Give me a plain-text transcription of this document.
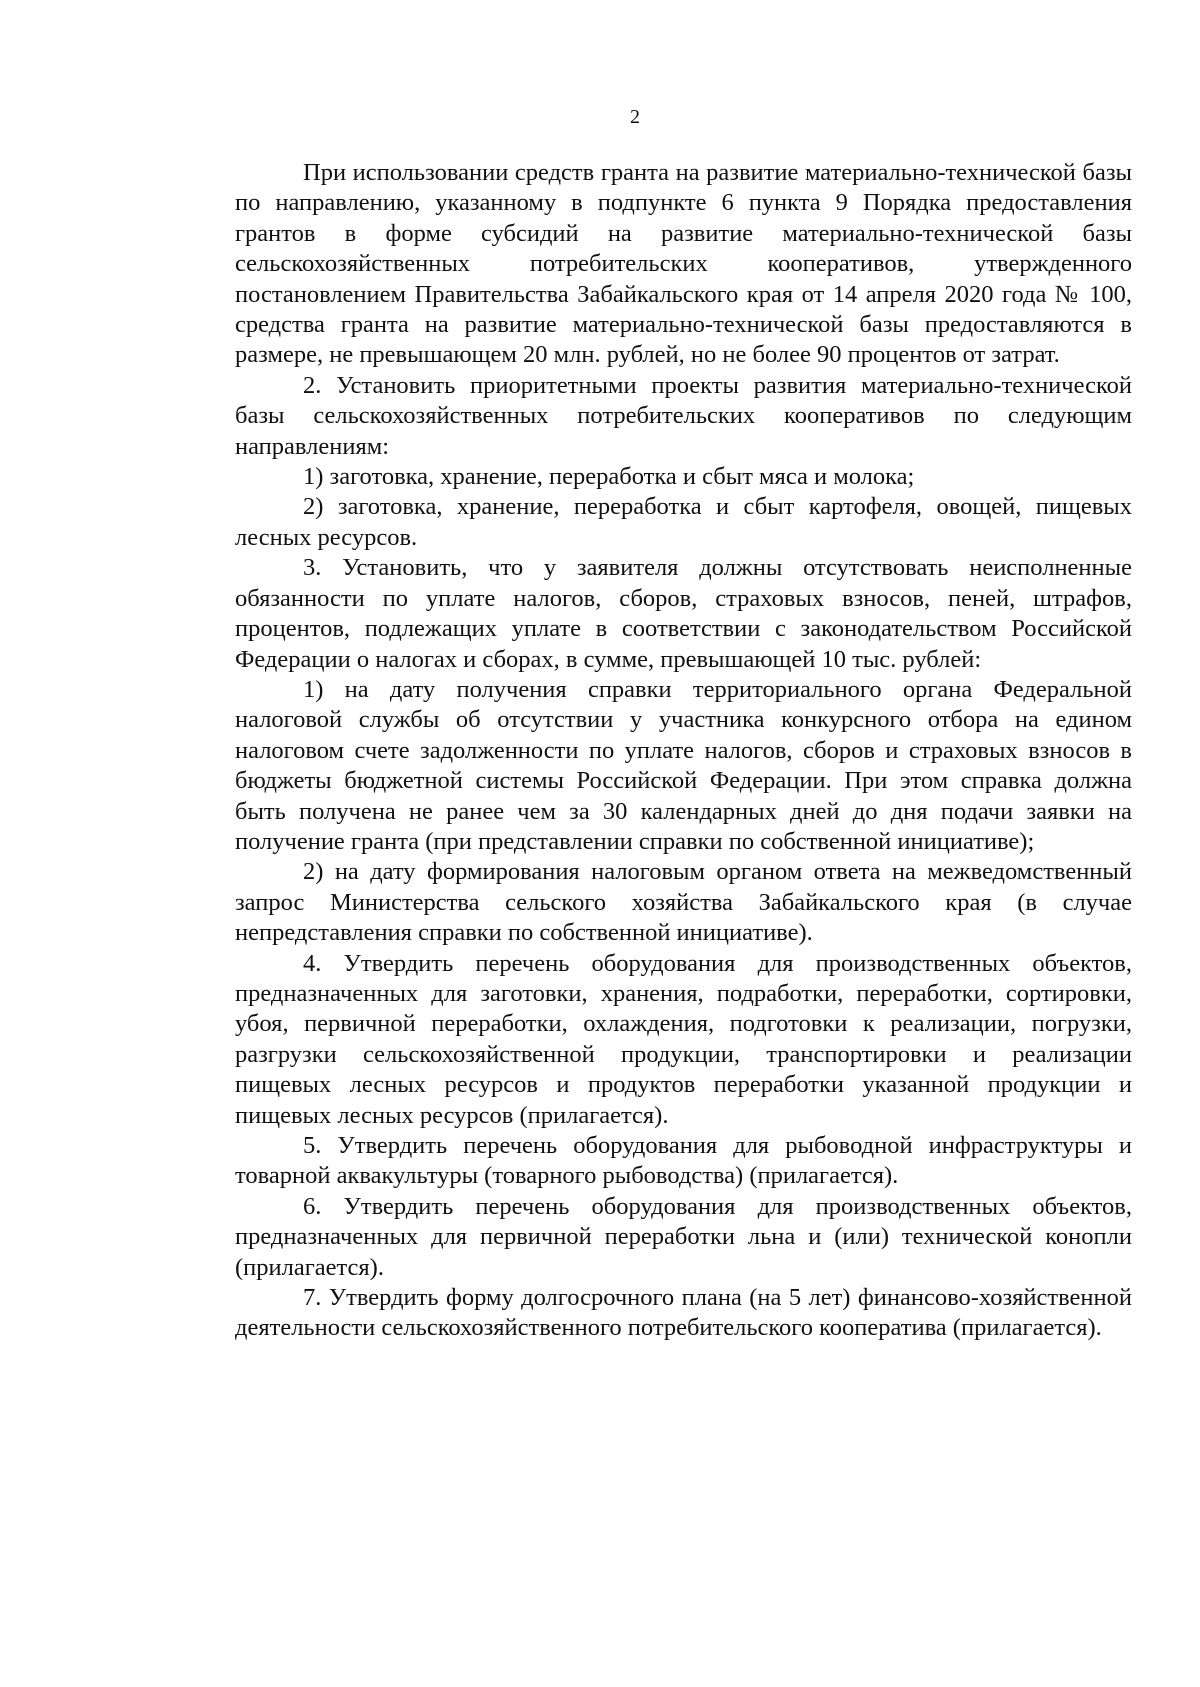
2

При использовании средств гранта на развитие материально-технической базы по направлению, указанному в подпункте 6 пункта 9 Порядка предоставления грантов в форме субсидий на развитие материально-технической базы сельскохозяйственных потребительских кооперативов, утвержденного постановлением Правительства Забайкальского края от 14 апреля 2020 года № 100, средства гранта на развитие материально-технической базы предоставляются в размере, не превышающем 20 млн. рублей, но не более 90 процентов от затрат.

2. Установить приоритетными проекты развития материально-технической базы сельскохозяйственных потребительских кооперативов по следующим направлениям:

1) заготовка, хранение, переработка и сбыт мяса и молока;

2) заготовка, хранение, переработка и сбыт картофеля, овощей, пищевых лесных ресурсов.

3. Установить, что у заявителя должны отсутствовать неисполненные обязанности по уплате налогов, сборов, страховых взносов, пеней, штрафов, процентов, подлежащих уплате в соответствии с законодательством Российской Федерации о налогах и сборах, в сумме, превышающей 10 тыс. рублей:

1) на дату получения справки территориального органа Федеральной налоговой службы об отсутствии у участника конкурсного отбора на едином налоговом счете задолженности по уплате налогов, сборов и страховых взносов в бюджеты бюджетной системы Российской Федерации. При этом справка должна быть получена не ранее чем за 30 календарных дней до дня подачи заявки на получение гранта (при представлении справки по собственной инициативе);

2) на дату формирования налоговым органом ответа на межведомственный запрос Министерства сельского хозяйства Забайкальского края (в случае непредставления справки по собственной инициативе).

4. Утвердить перечень оборудования для производственных объектов, предназначенных для заготовки, хранения, подработки, переработки, сортировки, убоя, первичной переработки, охлаждения, подготовки к реализации, погрузки, разгрузки сельскохозяйственной продукции, транспортировки и реализации пищевых лесных ресурсов и продуктов переработки указанной продукции и пищевых лесных ресурсов (прилагается).

5. Утвердить перечень оборудования для рыбоводной инфраструктуры и товарной аквакультуры (товарного рыбоводства) (прилагается).

6. Утвердить перечень оборудования для производственных объектов, предназначенных для первичной переработки льна и (или) технической конопли (прилагается).

7. Утвердить форму долгосрочного плана (на 5 лет) финансово-хозяйственной деятельности сельскохозяйственного потребительского кооператива (прилагается).
